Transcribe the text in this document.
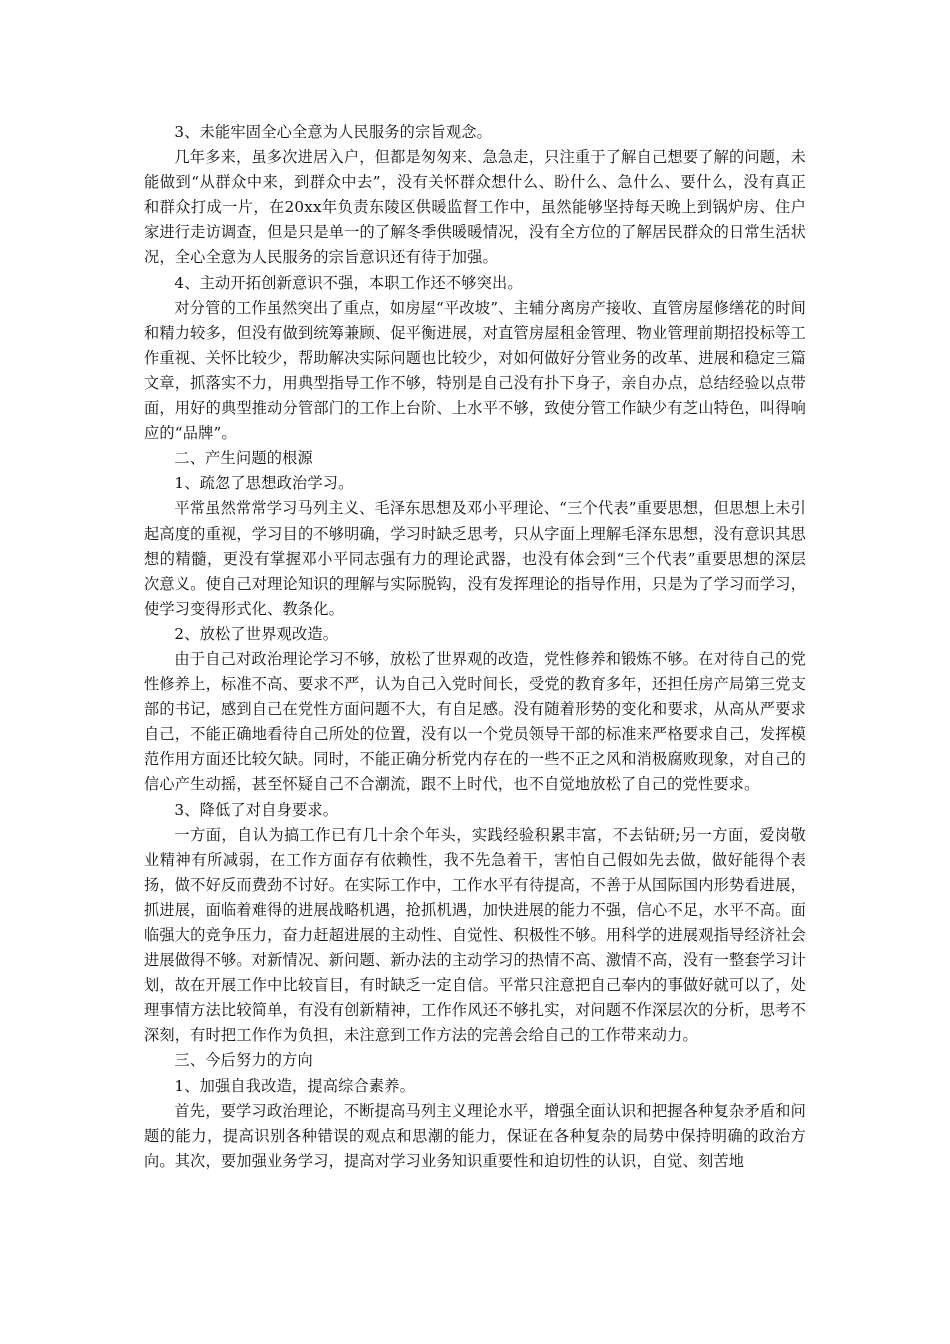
3、未能牢固全心全意为人民服务的宗旨观念。

几年多来，虽多次进居入户，但都是匆匆来、急急走，只注重于了解自己想要了解的问题，未能做到“从群众中来，到群众中去”，没有关怀群众想什么、盼什么、急什么、要什么，没有真正和群众打成一片，在20xx年负责东陵区供暖监督工作中，虽然能够坚持每天晚上到锅炉房、住户家进行走访调查，但是只是单一的了解冬季供暖暖情况，没有全方位的了解居民群众的日常生活状况，全心全意为人民服务的宗旨意识还有待于加强。

4、主动开拓创新意识不强，本职工作还不够突出。

对分管的工作虽然突出了重点，如房屋“平改坡”、主辅分离房产接收、直管房屋修缮花的时间和精力较多，但没有做到统筹兼顾、促平衡进展，对直管房屋租金管理、物业管理前期招投标等工作重视、关怀比较少，帮助解决实际问题也比较少，对如何做好分管业务的改革、进展和稳定三篇文章，抓落实不力，用典型指导工作不够，特别是自己没有扑下身子，亲自办点，总结经验以点带面，用好的典型推动分管部门的工作上台阶、上水平不够，致使分管工作缺少有芝山特色，叫得响应的“品牌”。

二、产生问题的根源

1、疏忽了思想政治学习。

平常虽然常常学习马列主义、毛泽东思想及邓小平理论、“三个代表”重要思想，但思想上未引起高度的重视，学习目的不够明确，学习时缺乏思考，只从字面上理解毛泽东思想，没有意识其思想的精髓，更没有掌握邓小平同志强有力的理论武器，也没有体会到“三个代表”重要思想的深层次意义。使自己对理论知识的理解与实际脱钩，没有发挥理论的指导作用，只是为了学习而学习，使学习变得形式化、教条化。

2、放松了世界观改造。

由于自己对政治理论学习不够，放松了世界观的改造，党性修养和锻炼不够。在对待自己的党性修养上，标准不高、要求不严，认为自己入党时间长，受党的教育多年，还担任房产局第三党支部的书记，感到自己在党性方面问题不大，有自足感。没有随着形势的变化和要求，从高从严要求自己，不能正确地看待自己所处的位置，没有以一个党员领导干部的标准来严格要求自己，发挥模范作用方面还比较欠缺。同时，不能正确分析党内存在的一些不正之风和消极腐败现象，对自己的信心产生动摇，甚至怀疑自己不合潮流，跟不上时代，也不自觉地放松了自己的党性要求。

3、降低了对自身要求。

一方面，自认为搞工作已有几十余个年头，实践经验积累丰富，不去钻研;另一方面，爱岗敬业精神有所减弱，在工作方面存有依赖性，我不先急着干，害怕自己假如先去做，做好能得个表扬，做不好反而费劲不讨好。在实际工作中，工作水平有待提高，不善于从国际国内形势看进展，抓进展，面临着难得的进展战略机遇，抢抓机遇，加快进展的能力不强，信心不足，水平不高。面临强大的竞争压力，奋力赶超进展的主动性、自觉性、积极性不够。用科学的进展观指导经济社会进展做得不够。对新情况、新问题、新办法的主动学习的热情不高、激情不高，没有一整套学习计划，故在开展工作中比较盲目，有时缺乏一定自信。平常只注意把自己奉内的事做好就可以了，处理事情方法比较简单，有没有创新精神，工作作风还不够扎实，对问题不作深层次的分析，思考不深刻，有时把工作作为负担，未注意到工作方法的完善会给自己的工作带来动力。

三、今后努力的方向

1、加强自我改造，提高综合素养。

首先，要学习政治理论，不断提高马列主义理论水平，增强全面认识和把握各种复杂矛盾和问题的能力，提高识别各种错误的观点和思潮的能力，保证在各种复杂的局势中保持明确的政治方向。其次，要加强业务学习，提高对学习业务知识重要性和迫切性的认识，自觉、刻苦地
